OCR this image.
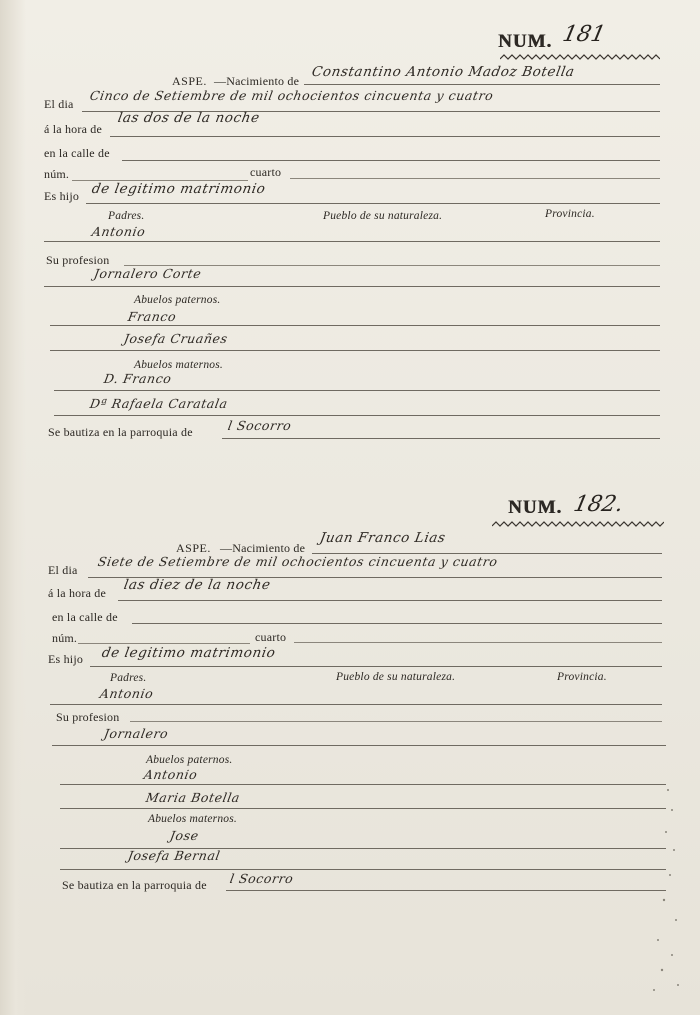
NUM. 181
ASPE. —Nacimiento de
Constantino Antonio Madoz Botella
El dia
Cinco de Setiembre de mil ochocientos cincuenta y cuatro
á la hora de
las dos de la noche
en la calle de
núm.	cuarto
Es hijo de legitimo matrimonio
Padres.	Pueblo de su naturaleza.	Provincia.
Antonio
Su profesion
Jornalero Corte
Abuelos paternos.
Franco
Josefa Cruañes
Abuelos maternos.
D. Franco
Dª Rafaela Caratala
Se bautiza en la parroquia de	l Socorro
NUM. 182.
ASPE. —Nacimiento de
Juan Franco Lias
El dia
Siete de Setiembre de mil ochocientos cincuenta y cuatro
á la hora de las diez de la noche
en la calle de
núm.	cuarto
Es hijo de legitimo matrimonio
Padres.	Pueblo de su naturaleza.	Provincia.
Antonio
Su profesion
Jornalero
Abuelos paternos.
Antonio
Maria Botella
Abuelos maternos.
Jose
Josefa Bernal
Se bautiza en la parroquia de l Socorro
